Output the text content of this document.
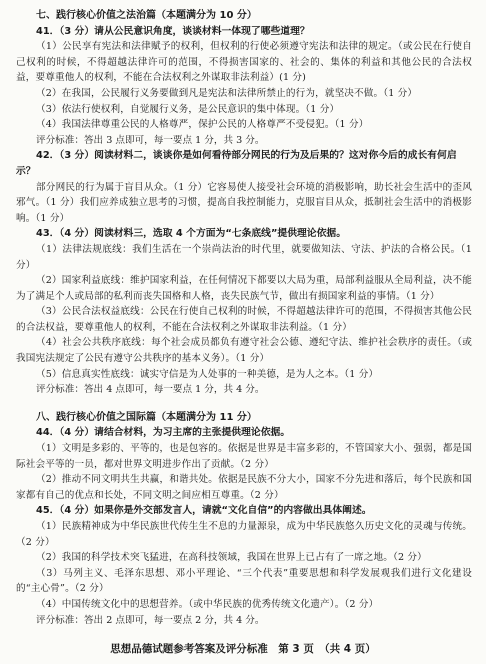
七、践行核心价值之法治篇（本题满分为 10 分）

41．（3 分）请从公民意识角度，谈谈材料一体现了哪些道理？

（1）公民享有宪法和法律赋予的权利，但权利的行使必须遵守宪法和法律的规定。（或公民在行使自己权利的时候，不得超越法律许可的范围，不得损害国家的、社会的、集体的利益和其他公民的合法权益，要尊重他人的权利，不能在合法权利之外谋取非法利益）(1 分)

（2）在我国，公民履行义务要做到凡是宪法和法律所禁止的行为，就坚决不做。（1 分）

（3）依法行使权利，自觉履行义务，是公民意识的集中体现。（1 分）

（4）我国法律尊重公民的人格尊严，保护公民的人格尊严不受侵犯。（1 分）

评分标准：答出 3 点即可，每一要点 1 分，共 3 分。

42．（3 分）阅读材料二，谈谈你是如何看待部分网民的行为及后果的？这对你今后的成长有何启示？

部分网民的行为属于盲目从众。（1 分）它容易使人接受社会环境的消极影响，助长社会生活中的歪风邪气。（1 分）我们应养成独立思考的习惯，提高自我控制能力，克服盲目从众，抵制社会生活中的消极影响。（1 分）

43．（4 分）阅读材料三，选取 4 个方面为“七条底线”提供理论依据。

（1）法律法规底线：我们生活在一个崇尚法治的时代里，就要做知法、守法、护法的合格公民。（1 分）

（2）国家利益底线：维护国家利益，在任何情况下都要以大局为重，局部利益服从全局利益，决不能为了满足个人或局部的私利而丧失国格和人格，丧失民族气节，做出有损国家利益的事情。（1 分）

（3）公民合法权益底线：公民在行使自己权利的时候，不得超越法律许可的范围，不得损害其他公民的合法权益，要尊重他人的权利，不能在合法权利之外谋取非法利益。（1 分）

（4）社会公共秩序底线：每个社会成员都负有遵守社会公德、遵纪守法、维护社会秩序的责任。（或我国宪法规定了公民有遵守公共秩序的基本义务）。（1 分）

（5）信息真实性底线：诚实守信是为人处事的一种美德，是为人之本。（1 分）

评分标准：答出 4 点即可，每一要点 1 分，共 4 分。

八、践行核心价值之国际篇（本题满分为 11 分）

44．（4 分）请结合材料，为习主席的主张提供理论依据。

（1）文明是多彩的、平等的，也是包容的。依据是世界是丰富多彩的，不管国家大小、强弱，都是国际社会平等的一员，都对世界文明进步作出了贡献。（2 分）

（2）推动不同文明共生共赢，和谐共处。依据是民族不分大小，国家不分先进和落后，每个民族和国家都有自己的优点和长处，不同文明之间应相互尊重。（2 分）

45．（4 分）如果你是外交部发言人，请就“文化自信”的内容做出具体阐述。

（1）民族精神成为中华民族世代传生生不息的力量源泉，成为中华民族悠久历史文化的灵魂与传统。（2 分）

（2）我国的科学技术突飞猛进，在高科技领域，我国在世界上已占有了一席之地。（2 分）

（3）马列主义、毛泽东思想、邓小平理论、“三个代表”重要思想和科学发展观我们进行文化建设的“主心骨”。（2 分）

（4）中国传统文化中的思想营养。（或中华民族的优秀传统文化遗产）。（2 分）

评分标准：答出 2 点即可，每一要点 2 分，共 4 分。

思想品德试题参考答案及评分标准　第 3 页　（共 4 页）
